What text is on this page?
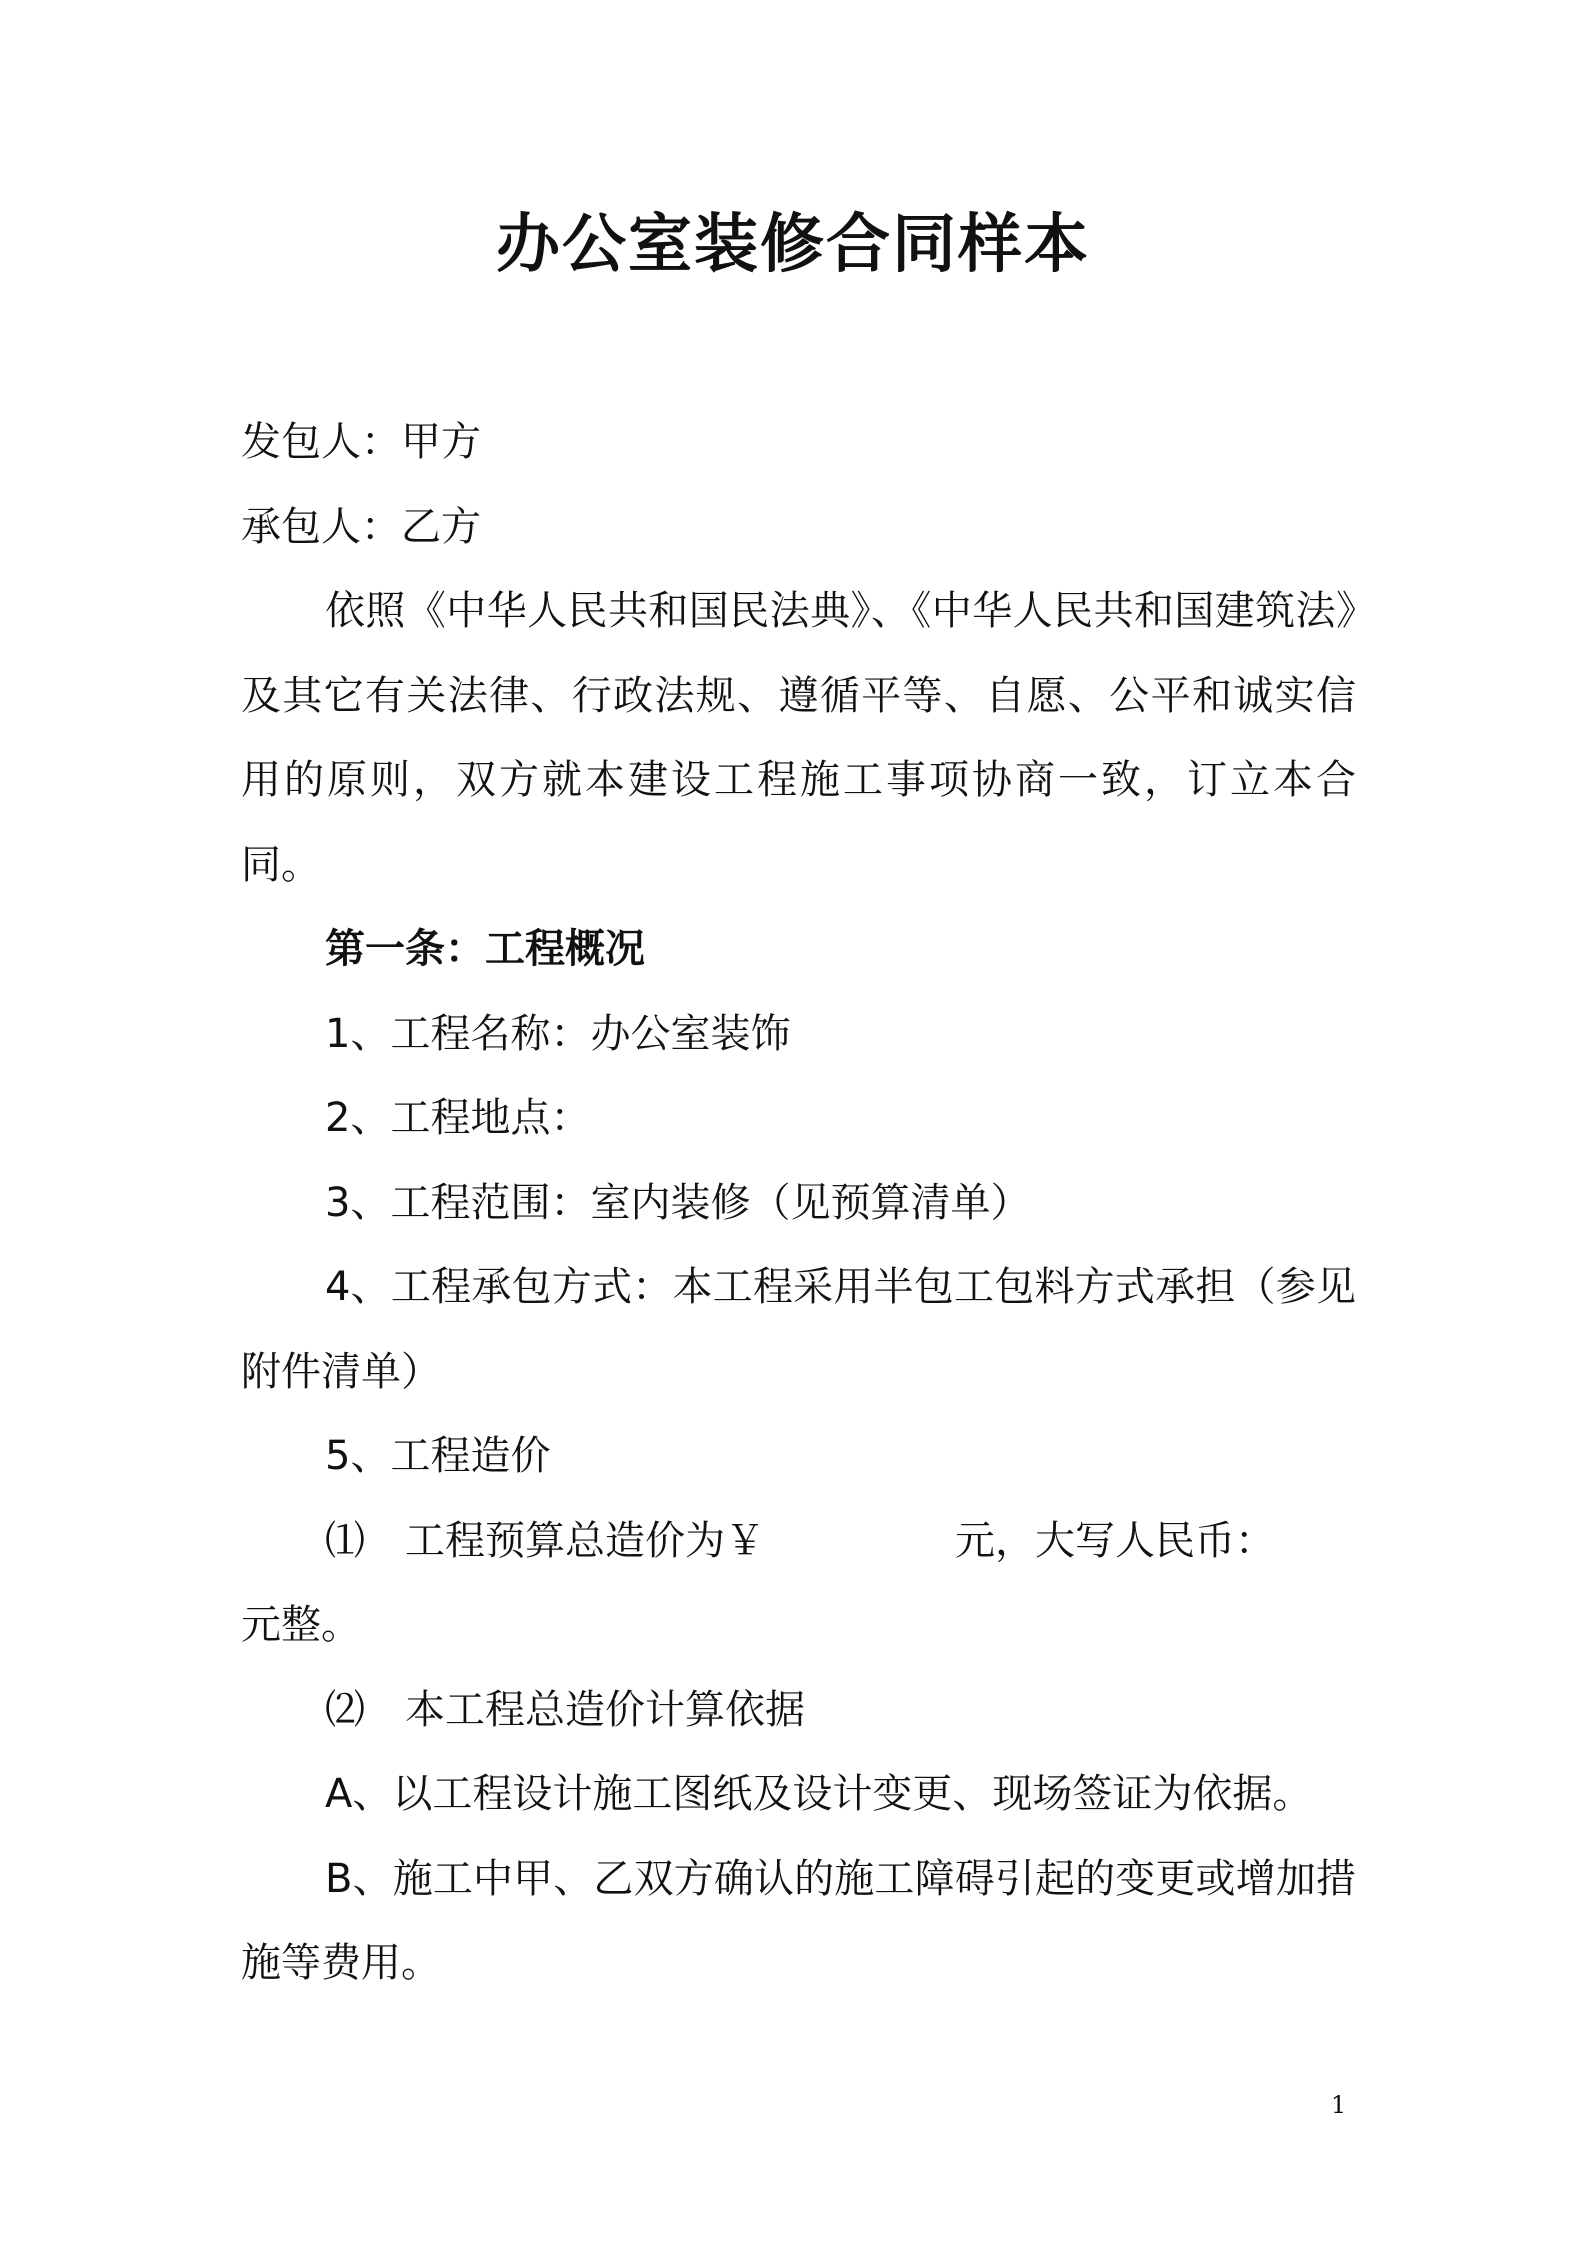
办公室装修合同样本

发包人：甲方

承包人：乙方

依照《中华人民共和国民法典》、《中华人民共和国建筑法》及其它有关法律、行政法规、遵循平等、自愿、公平和诚实信用的原则，双方就本建设工程施工事项协商一致，订立本合同。

第一条：工程概况

1、工程名称：办公室装饰

2、工程地点：

3、工程范围：室内装修（见预算清单）

4、工程承包方式：本工程采用半包工包料方式承担（参见附件清单）

5、工程造价

⑴　工程预算总造价为￥	元，大写人民币：
元整。

⑵　本工程总造价计算依据

A、以工程设计施工图纸及设计变更、现场签证为依据。

B、施工中甲、乙双方确认的施工障碍引起的变更或增加措施等费用。

1
